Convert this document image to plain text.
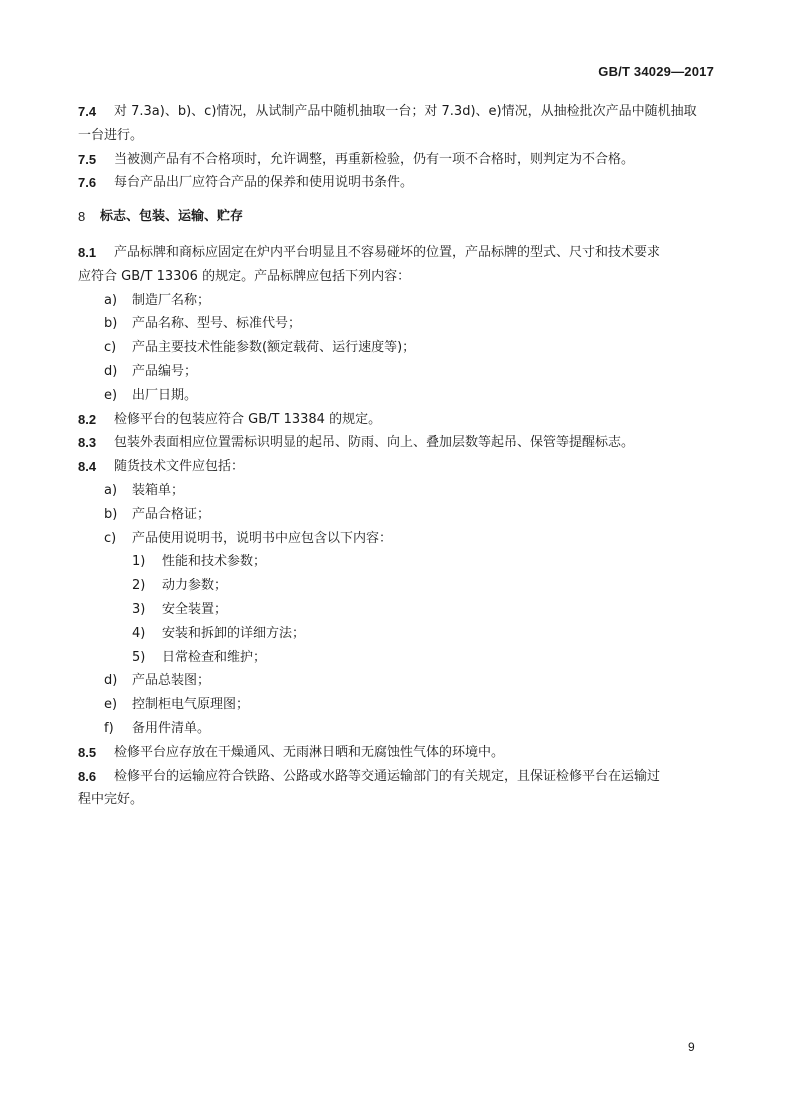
GB/T 34029—2017
7.4 对 7.3a)、b)、c)情况，从试制产品中随机抽取一台；对 7.3d)、e)情况，从抽检批次产品中随机抽取
一台进行。
7.5 当被测产品有不合格项时，允许调整，再重新检验，仍有一项不合格时，则判定为不合格。
7.6 每台产品出厂应符合产品的保养和使用说明书条件。
8 标志、包装、运输、贮存
8.1 产品标牌和商标应固定在炉内平台明显且不容易碰坏的位置，产品标牌的型式、尺寸和技术要求
应符合 GB/T 13306 的规定。产品标牌应包括下列内容：
a) 制造厂名称；
b) 产品名称、型号、标准代号；
c) 产品主要技术性能参数(额定载荷、运行速度等)；
d) 产品编号；
e) 出厂日期。
8.2 检修平台的包装应符合 GB/T 13384 的规定。
8.3 包装外表面相应位置需标识明显的起吊、防雨、向上、叠加层数等起吊、保管等提醒标志。
8.4 随货技术文件应包括：
a) 装箱单；
b) 产品合格证；
c) 产品使用说明书，说明书中应包含以下内容：
1) 性能和技术参数；
2) 动力参数；
3) 安全装置；
4) 安装和拆卸的详细方法；
5) 日常检查和维护；
d) 产品总装图；
e) 控制柜电气原理图；
f) 备用件清单。
8.5 检修平台应存放在干燥通风、无雨淋日晒和无腐蚀性气体的环境中。
8.6 检修平台的运输应符合铁路、公路或水路等交通运输部门的有关规定，且保证检修平台在运输过
程中完好。
9
